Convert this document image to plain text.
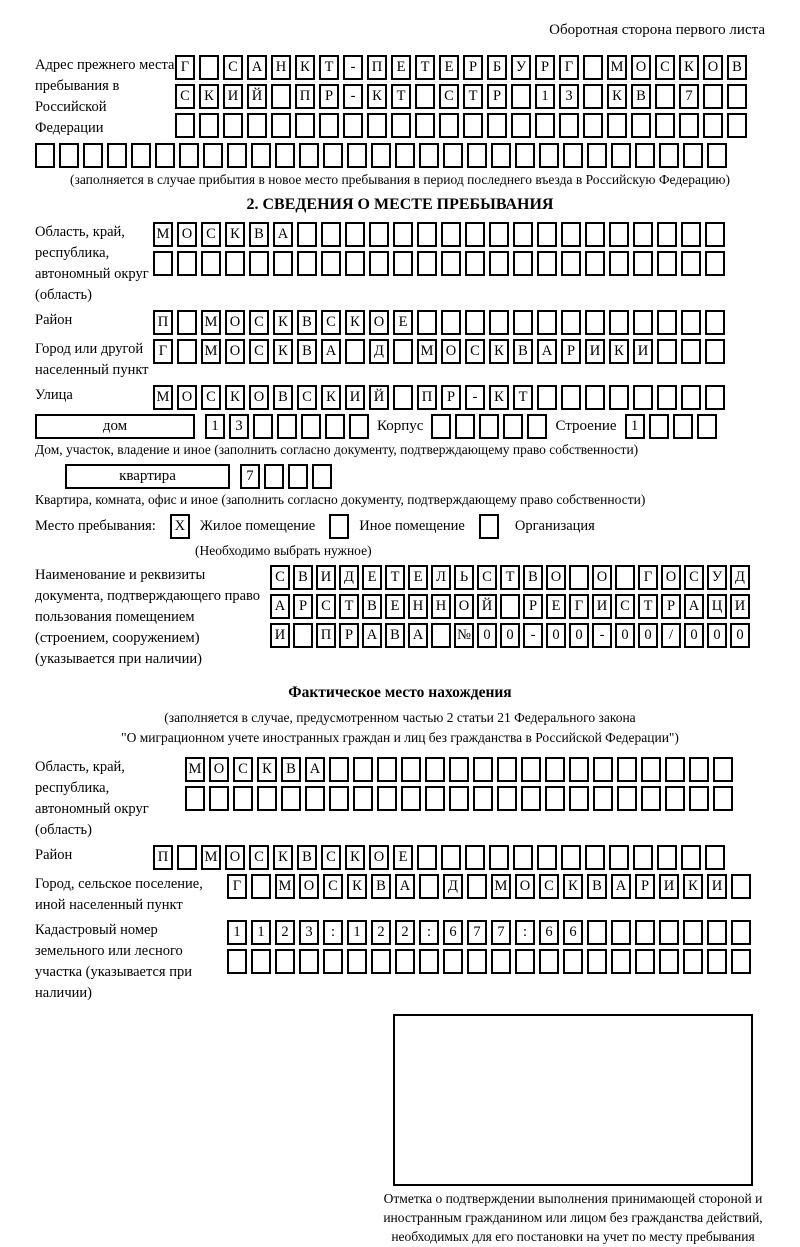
Оборотная сторона первого листа
Адрес прежнего места пребывания в Российской Федерации
Г	С А Н К	Т	-	П Е	Т	Е	Р	Б	У	Р	Г	М О С К О В
С К И Й	П	Р	-	К	Т	С	Т	Р	1	3	К В	7
(заполняется в случае прибытия в новое место пребывания в период последнего въезда в Российскую Федерацию)
2. СВЕДЕНИЯ О МЕСТЕ ПРЕБЫВАНИЯ
Область, край, республика, автономный округ (область)
М О С К В А
Район	П	М О С К В С К О Е
Город или другой населенный пункт
Г	М О С К В А	Д	М О С К В А	Р	И К И
Улица	М О С К О В С К И Й	П	Р	-	К	Т
дом	1	3	Корпус	Строение 1
Дом, участок, владение и иное (заполнить согласно документу, подтверждающему право собственности)
квартира	7
Квартира, комната, офис и иное (заполнить согласно документу, подтверждающему право собственности)
Место пребывания:	X	Жилое помещение	Иное помещение	Организация
(Необходимо выбрать нужное)
Наименование и реквизиты документа, подтверждающего право пользования помещением (строением, сооружением) (указывается при наличии)
С В И Д Е Т Е Л Ь С Т В О	О	Г О С У Д
А Р С Т В Е Н Н О Й	Р	Е Г И С Т	Р А Ц И
И	П Р А В А	№ 0	0	-	0	0	-	0	0	/	0	0	0
Фактическое место нахождения
(заполняется в случае, предусмотренном частью 2 статьи 21 Федерального закона
"О миграционном учете иностранных граждан и лиц без гражданства в Российской Федерации")
Область, край, республика, автономный округ (область)
М О С К В А
Район	П	М О С К В С К О Е
Город, сельское поселение, иной населенный пункт
Г	М О С К В А	Д	М О С К В А	Р	И К И
Кадастровый номер земельного или лесного участка (указывается при наличии)
1	1	2	3	:	1	2	2	:	6	7	7	:	6	6
Отметка о подтверждении выполнения принимающей стороной и иностранным гражданином или лицом без гражданства действий, необходимых для его постановки на учет по месту пребывания
